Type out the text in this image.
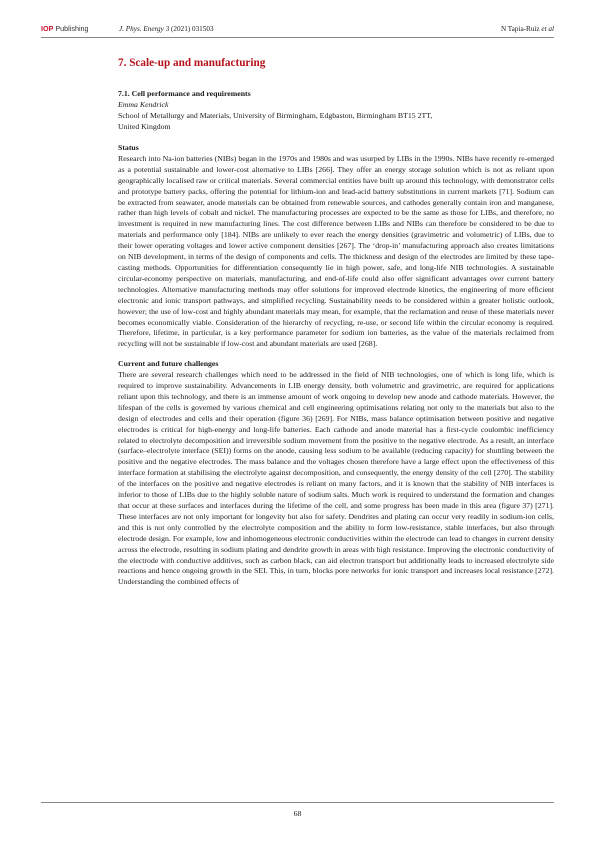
IOP Publishing	J. Phys. Energy 3 (2021) 031503	N Tapia-Ruiz et al
7. Scale-up and manufacturing
7.1. Cell performance and requirements
Emma Kendrick
School of Metallurgy and Materials, University of Birmingham, Edgbaston, Birmingham BT15 2TT,
United Kingdom
Status

Research into Na-ion batteries (NIBs) began in the 1970s and 1980s and was usurped by LIBs in the 1990s. NIBs have recently re-emerged as a potential sustainable and lower-cost alternative to LIBs [266]. They offer an energy storage solution which is not as reliant upon geographically localised raw or critical materials. Several commercial entities have built up around this technology, with demonstrator cells and prototype battery packs, offering the potential for lithium-ion and lead-acid battery substitutions in current markets [71]. Sodium can be extracted from seawater, anode materials can be obtained from renewable sources, and cathodes generally contain iron and manganese, rather than high levels of cobalt and nickel. The manufacturing processes are expected to be the same as those for LIBs, and therefore, no investment is required in new manufacturing lines. The cost difference between LIBs and NIBs can therefore be considered to be due to materials and performance only [184]. NIBs are unlikely to ever reach the energy densities (gravimetric and volumetric) of LIBs, due to their lower operating voltages and lower active component densities [267]. The ‘drop-in’ manufacturing approach also creates limitations on NIB development, in terms of the design of components and cells. The thickness and design of the electrodes are limited by these tape-casting methods. Opportunities for differentiation consequently lie in high power, safe, and long-life NIB technologies. A sustainable circular-economy perspective on materials, manufacturing, and end-of-life could also offer significant advantages over current battery technologies. Alternative manufacturing methods may offer solutions for improved electrode kinetics, the engineering of more efficient electronic and ionic transport pathways, and simplified recycling. Sustainability needs to be considered within a greater holistic outlook, however; the use of low-cost and highly abundant materials may mean, for example, that the reclamation and reuse of these materials never becomes economically viable. Consideration of the hierarchy of recycling, re-use, or second life within the circular economy is required. Therefore, lifetime, in particular, is a key performance parameter for sodium ion batteries, as the value of the materials reclaimed from recycling will not be sustainable if low-cost and abundant materials are used [268].

Current and future challenges

There are several research challenges which need to be addressed in the field of NIB technologies, one of which is long life, which is required to improve sustainability. Advancements in LIB energy density, both volumetric and gravimetric, are required for applications reliant upon this technology, and there is an immense amount of work ongoing to develop new anode and cathode materials. However, the lifespan of the cells is governed by various chemical and cell engineering optimisations relating not only to the materials but also to the design of electrodes and cells and their operation (figure 36) [269]. For NIBs, mass balance optimisation between positive and negative electrodes is critical for high-energy and long-life batteries. Each cathode and anode material has a first-cycle coulombic inefficiency related to electrolyte decomposition and irreversible sodium movement from the positive to the negative electrode. As a result, an interface (surface–electrolyte interface (SEI)) forms on the anode, causing less sodium to be available (reducing capacity) for shuttling between the positive and the negative electrodes. The mass balance and the voltages chosen therefore have a large effect upon the effectiveness of this interface formation at stabilising the electrolyte against decomposition, and consequently, the energy density of the cell [270]. The stability of the interfaces on the positive and negative electrodes is reliant on many factors, and it is known that the stability of NIB interfaces is inferior to those of LIBs due to the highly soluble nature of sodium salts. Much work is required to understand the formation and changes that occur at these surfaces and interfaces during the lifetime of the cell, and some progress has been made in this area (figure 37) [271]. These interfaces are not only important for longevity but also for safety. Dendrites and plating can occur very readily in sodium-ion cells, and this is not only controlled by the electrolyte composition and the ability to form low-resistance, stable interfaces, but also through electrode design. For example, low and inhomogeneous electronic conductivities within the electrode can lead to changes in current density across the electrode, resulting in sodium plating and dendrite growth in areas with high resistance. Improving the electronic conductivity of the electrode with conductive additives, such as carbon black, can aid electron transport but additionally leads to increased electrolyte side reactions and hence ongoing growth in the SEI. This, in turn, blocks pore networks for ionic transport and increases local resistance [272]. Understanding the combined effects of

68
